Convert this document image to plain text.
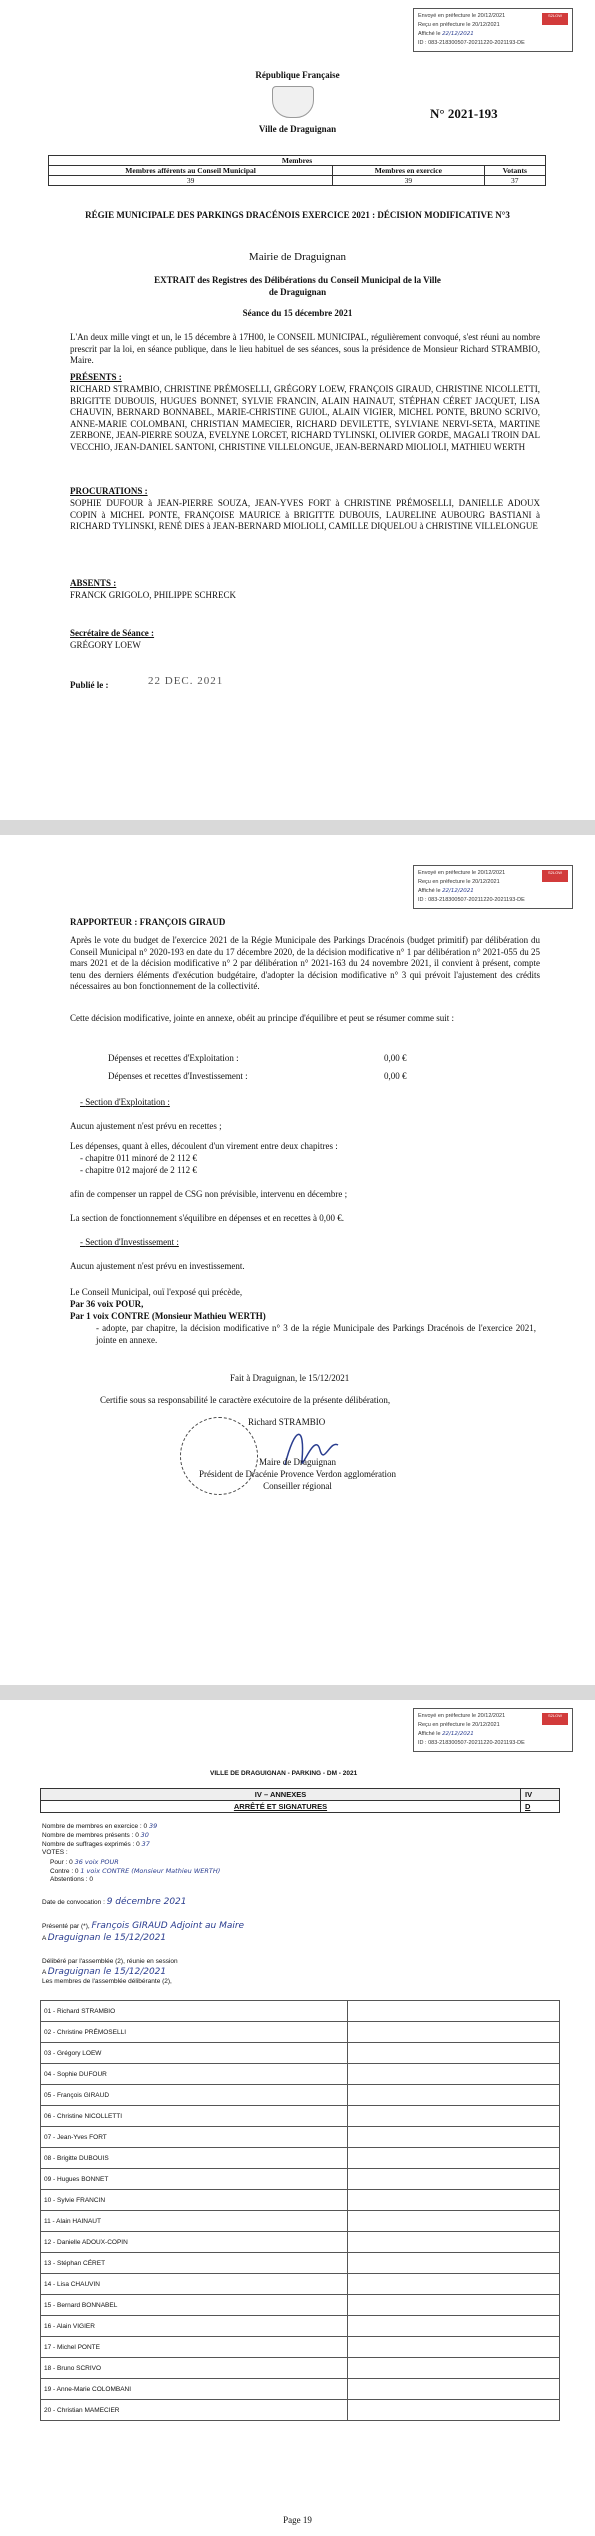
S2LOW
Envoyé en préfecture le 20/12/2021
Reçu en préfecture le 20/12/2021
Affiché le 22/12/2021
ID : 083-218300507-20211220-2021193-DE
République Française
Ville de Draguignan
N° 2021-193
Membres		
Membres afférents au Conseil Municipal	Membres en exercice	Votants
39	39	37
RÉGIE MUNICIPALE DES PARKINGS DRACÉNOIS EXERCICE 2021 : DÉCISION MODIFICATIVE N°3
Mairie de Draguignan
EXTRAIT des Registres des Délibérations du Conseil Municipal de la Ville de Draguignan
Séance du 15 décembre 2021
L'An deux mille vingt et un, le 15 décembre à 17H00, le CONSEIL MUNICIPAL, régulièrement convoqué, s'est réuni au nombre prescrit par la loi, en séance publique, dans le lieu habituel de ses séances, sous la présidence de Monsieur Richard STRAMBIO, Maire.
PRÉSENTS :
RICHARD STRAMBIO, CHRISTINE PRÉMOSELLI, GRÉGORY LOEW, FRANÇOIS GIRAUD, CHRISTINE NICOLLETTI, BRIGITTE DUBOUIS, HUGUES BONNET, SYLVIE FRANCIN, ALAIN HAINAUT, STÉPHAN CÉRET JACQUET, LISA CHAUVIN, BERNARD BONNABEL, MARIE-CHRISTINE GUIOL, ALAIN VIGIER, MICHEL PONTE, BRUNO SCRIVO, ANNE-MARIE COLOMBANI, CHRISTIAN MAMECIER, RICHARD DEVILETTE, SYLVIANE NERVI-SETA, MARTINE ZERBONE, JEAN-PIERRE SOUZA, EVELYNE LORCET, RICHARD TYLINSKI, OLIVIER GORDE, MAGALI TROIN DAL VECCHIO, JEAN-DANIEL SANTONI, CHRISTINE VILLELONGUE, JEAN-BERNARD MIOLIOLI, MATHIEU WERTH
PROCURATIONS :
SOPHIE DUFOUR à JEAN-PIERRE SOUZA, JEAN-YVES FORT à CHRISTINE PRÉMOSELLI, DANIELLE ADOUX COPIN à MICHEL PONTE, FRANÇOISE MAURICE à BRIGITTE DUBOUIS, LAURELINE AUBOURG BASTIANI à RICHARD TYLINSKI, RENÉ DIES à JEAN-BERNARD MIOLIOLI, CAMILLE DIQUELOU à CHRISTINE VILLELONGUE
ABSENTS :
FRANCK GRIGOLO, PHILIPPE SCHRECK
Secrétaire de Séance :
GRÉGORY LOEW
Publié le :	22 DEC. 2021
S2LOW
Envoyé en préfecture le 20/12/2021
Reçu en préfecture le 20/12/2021
Affiché le 22/12/2021
ID : 083-218300507-20211220-2021193-DE
RAPPORTEUR : FRANÇOIS GIRAUD
Après le vote du budget de l'exercice 2021 de la Régie Municipale des Parkings Dracénois (budget primitif) par délibération du Conseil Municipal n° 2020-193 en date du 17 décembre 2020, de la décision modificative n° 1 par délibération n° 2021-055 du 25 mars 2021 et de la décision modificative n° 2 par délibération n° 2021-163 du 24 novembre 2021, il convient à présent, compte tenu des derniers éléments d'exécution budgétaire, d'adopter la décision modificative n° 3 qui prévoit l'ajustement des crédits nécessaires au bon fonctionnement de la collectivité.
Cette décision modificative, jointe en annexe, obéit au principe d'équilibre et peut se résumer comme suit :
Dépenses et recettes d'Exploitation :	0,00 €
Dépenses et recettes d'Investissement :	0,00 €
- Section d'Exploitation :
Aucun ajustement n'est prévu en recettes ;
Les dépenses, quant à elles, découlent d'un virement entre deux chapitres :
- chapitre 011 minoré de 2 112 €
- chapitre 012 majoré de 2 112 €
afin de compenser un rappel de CSG non prévisible, intervenu en décembre ;
La section de fonctionnement s'équilibre en dépenses et en recettes à 0,00 €.
- Section d'Investissement :
Aucun ajustement n'est prévu en investissement.
Le Conseil Municipal, ouï l'exposé qui précède,
Par 36 voix POUR,
Par 1 voix CONTRE (Monsieur Mathieu WERTH)
- adopte, par chapitre, la décision modificative n° 3 de la régie Municipale des Parkings Dracénois de l'exercice 2021, jointe en annexe.
Fait à Draguignan, le 15/12/2021
Certifie sous sa responsabilité le caractère exécutoire de la présente délibération,
Richard STRAMBIO
Maire de Draguignan
Président de Dracénie Provence Verdon agglomération
Conseiller régional
S2LOW
Envoyé en préfecture le 20/12/2021
Reçu en préfecture le 20/12/2021
Affiché le 22/12/2021
ID : 083-218300507-20211220-2021193-DE
VILLE DE DRAGUIGNAN - PARKING - DM - 2021
IV – ANNEXES	IV
ARRÊTÉ ET SIGNATURES	D
Nombre de membres en exercice : 0 39
Nombre de membres présents : 0 30
Nombre de suffrages exprimés : 0 37
VOTES :
Pour : 0 36 voix POUR
Contre : 0 1 voix CONTRE (Monsieur Mathieu WERTH)
Abstentions : 0
Date de convocation : 9 décembre 2021
Présenté par (*), François GIRAUD Adjoint au Maire
A Draguignan le 15/12/2021
Délibéré par l'assemblée (2), réunie en session
A Draguignan le 15/12/2021
Les membres de l'assemblée délibérante (2),
01 - Richard STRAMBIO	
02 - Christine PRÉMOSELLI	
03 - Grégory LOEW	
04 - Sophie DUFOUR	
05 - François GIRAUD	
06 - Christine NICOLLETTI	
07 - Jean-Yves FORT	
08 - Brigitte DUBOUIS	
09 - Hugues BONNET	
10 - Sylvie FRANCIN	
11 - Alain HAINAUT	
12 - Danielle ADOUX-COPIN	
13 - Stéphan CÉRET	
14 - Lisa CHAUVIN	
15 - Bernard BONNABEL	
16 - Alain VIGIER	
17 - Michel PONTE	
18 - Bruno SCRIVO	
19 - Anne-Marie COLOMBANI	
20 - Christian MAMECIER	
Page 19
